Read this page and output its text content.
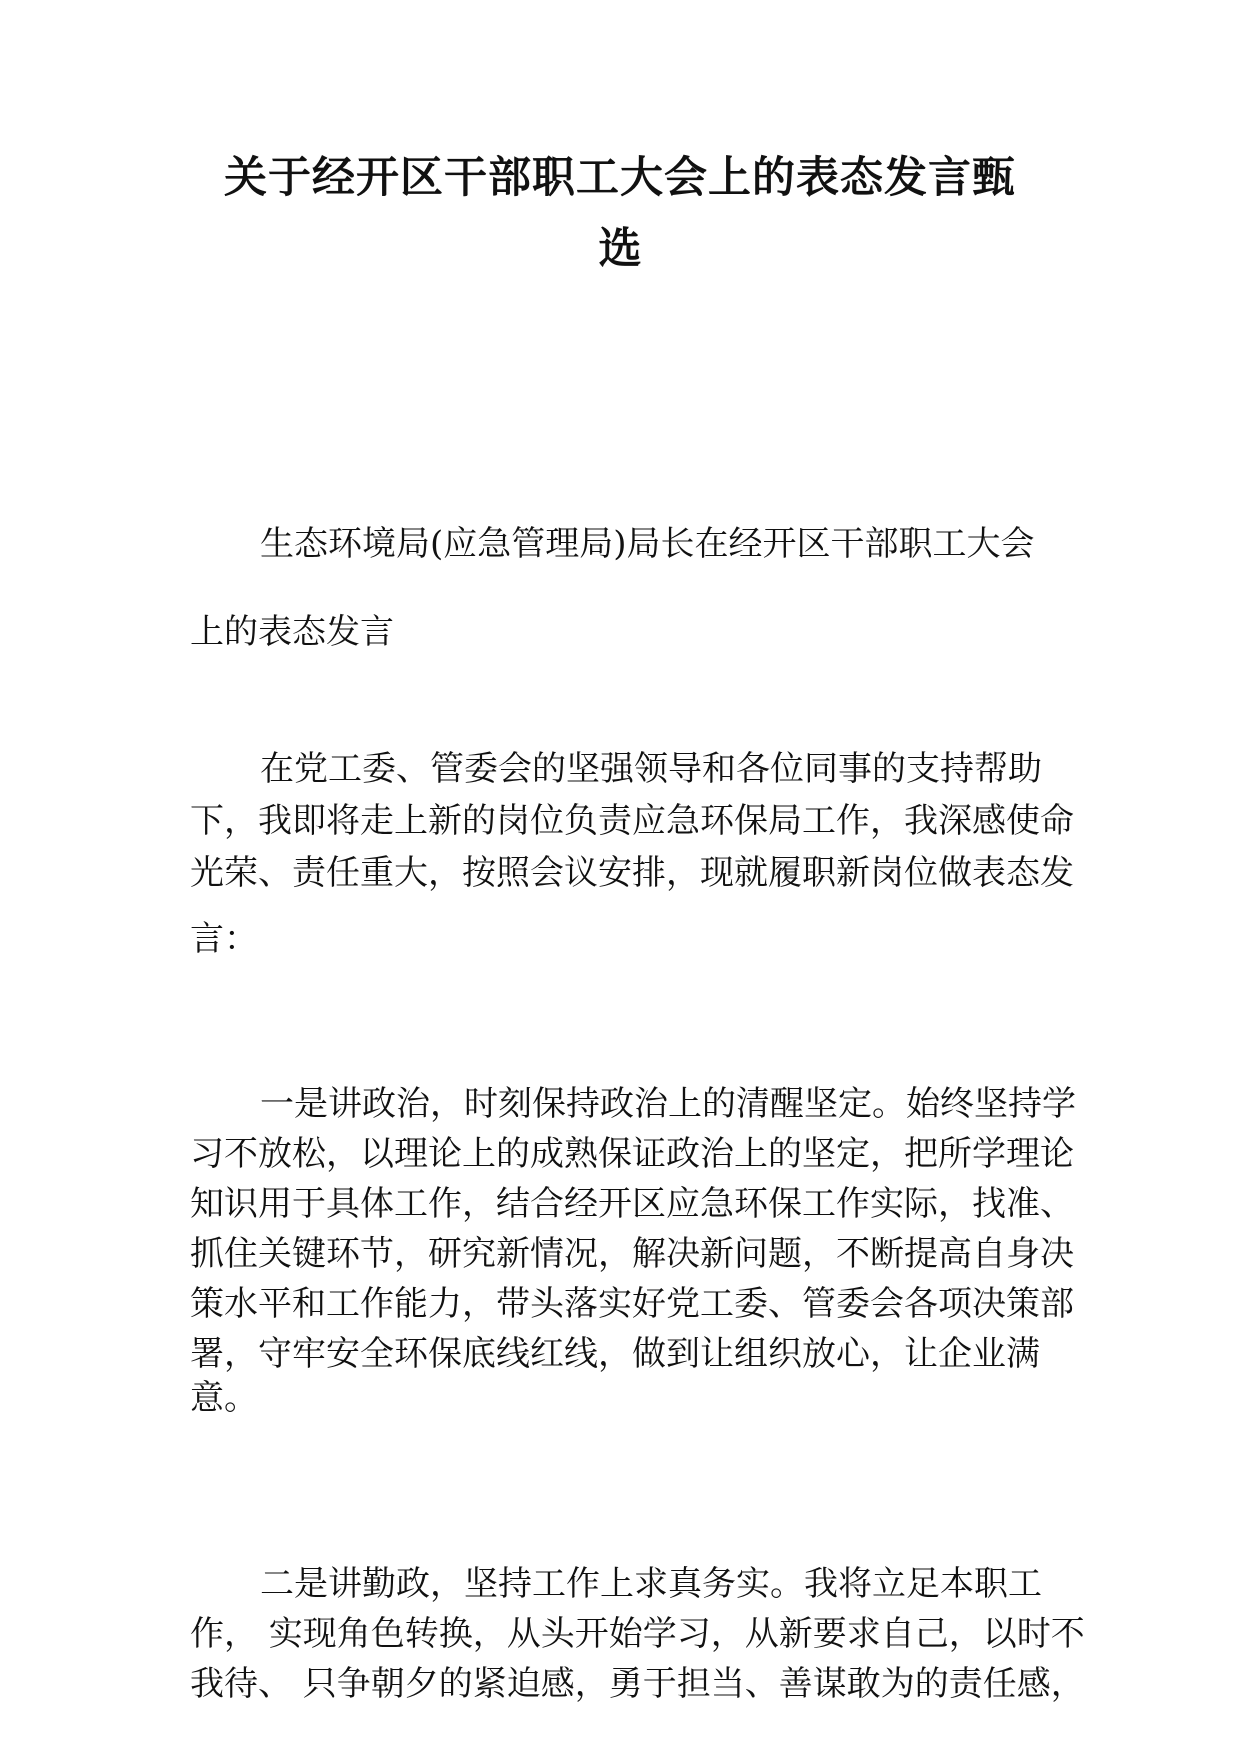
关于经开区干部职工大会上的表态发言甄
选
生态环境局(应急管理局)局长在经开区干部职工大会
上的表态发言
在党工委、管委会的坚强领导和各位同事的支持帮助
下，我即将走上新的岗位负责应急环保局工作，我深感使命
光荣、责任重大，按照会议安排，现就履职新岗位做表态发
言：
一是讲政治，时刻保持政治上的清醒坚定。始终坚持学
习不放松，以理论上的成熟保证政治上的坚定，把所学理论
知识用于具体工作，结合经开区应急环保工作实际，找准、
抓住关键环节，研究新情况，解决新问题，不断提高自身决
策水平和工作能力，带头落实好党工委、管委会各项决策部
署，守牢安全环保底线红线，做到让组织放心，让企业满
意。
二是讲勤政，坚持工作上求真务实。我将立足本职工
作， 实现角色转换，从头开始学习，从新要求自己，以时不
我待、 只争朝夕的紧迫感，勇于担当、善谋敢为的责任感，
